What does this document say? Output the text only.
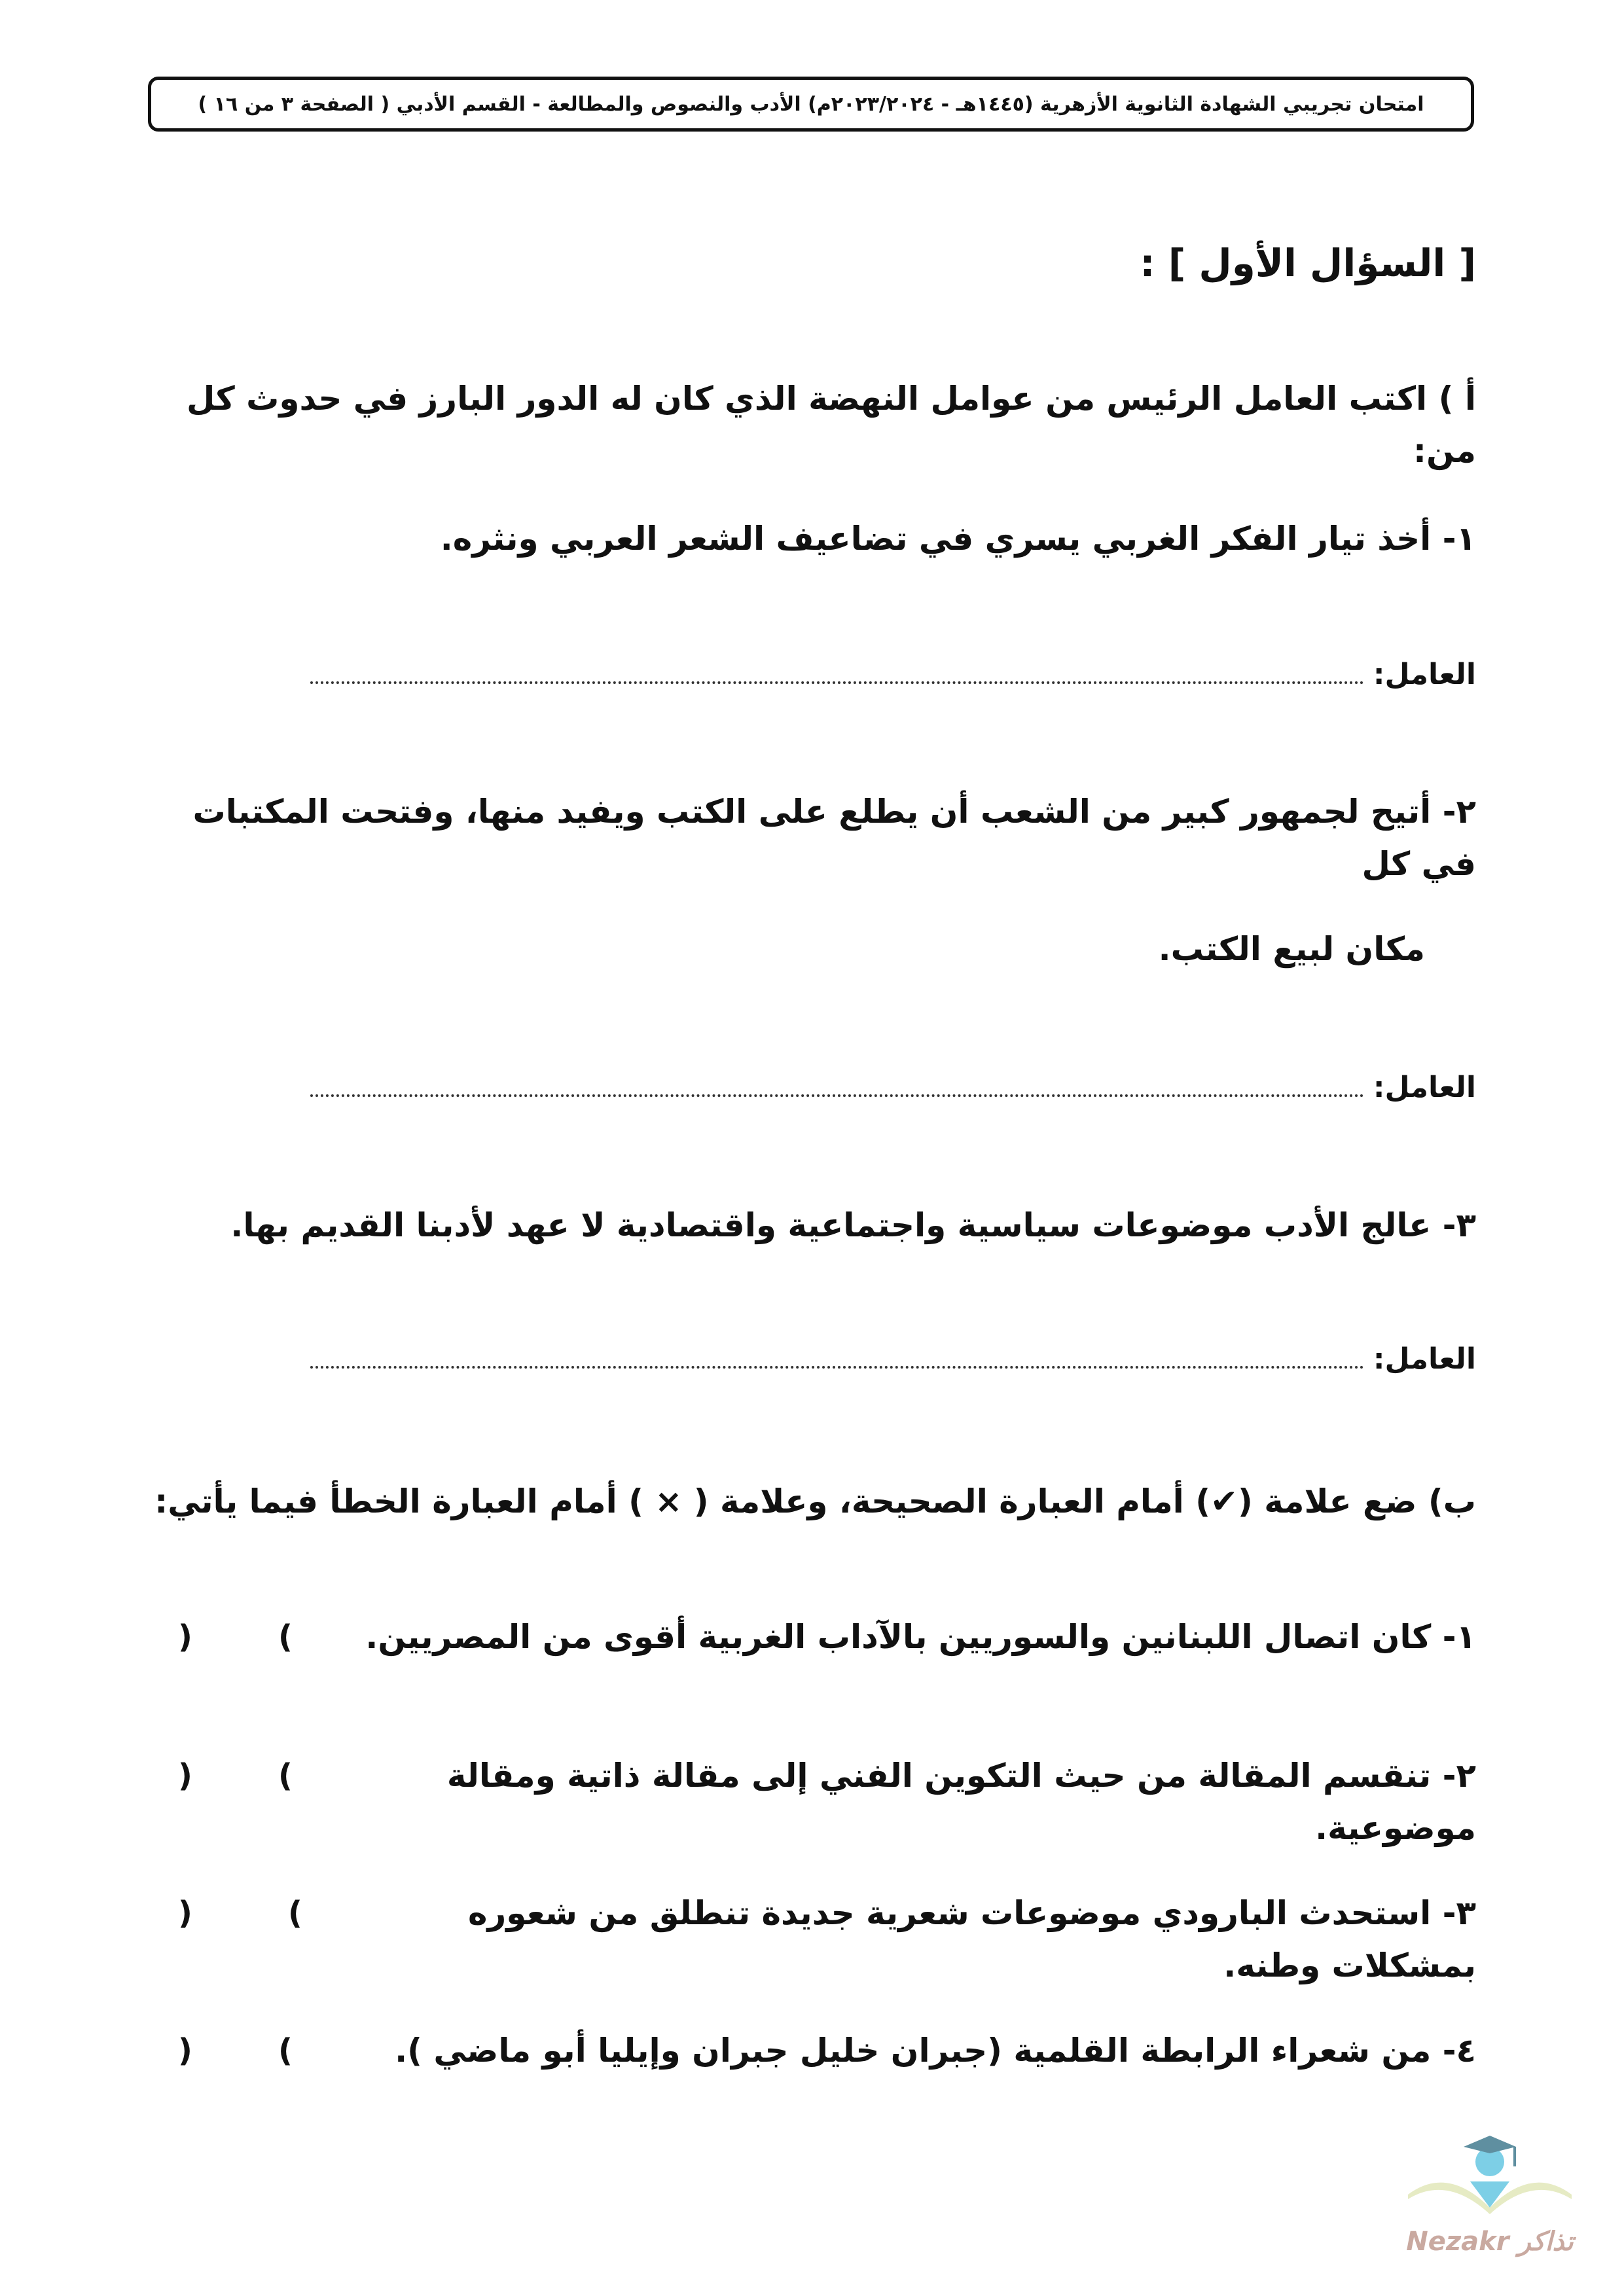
امتحان تجريبي الشهادة الثانوية الأزهرية (١٤٤٥هـ - ٢٠٢٣/٢٠٢٤م) الأدب والنصوص والمطالعة - القسم الأدبي ( الصفحة ٣ من ١٦ )
[ السؤال الأول ] :
أ ) اكتب العامل الرئيس من عوامل النهضة الذي كان له الدور البارز في حدوث كل من:
١- أخذ تيار الفكر الغربي يسري في تضاعيف الشعر العربي ونثره.
العامل:
٢- أتيح لجمهور كبير من الشعب أن يطلع على الكتب ويفيد منها، وفتحت المكتبات في كل
مكان لبيع الكتب.
العامل:
٣- عالج الأدب موضوعات سياسية واجتماعية واقتصادية لا عهد لأدبنا القديم بها.
العامل:
ب) ضع علامة (✔) أمام العبارة الصحيحة، وعلامة ( × ) أمام العبارة الخطأ فيما يأتي:
١- كان اتصال اللبنانين والسوريين بالآداب الغربية أقوى من المصريين.
)	(
٢- تنقسم المقالة من حيث التكوين الفني إلى مقالة ذاتية ومقالة موضوعية.
)	(
٣- استحدث البارودي موضوعات شعرية جديدة تنطلق من شعوره بمشكلات وطنه.
)	(
٤- من شعراء الرابطة القلمية (جبران خليل جبران وإيليا أبو ماضي ).
)	(
Nezakr تذاكر
